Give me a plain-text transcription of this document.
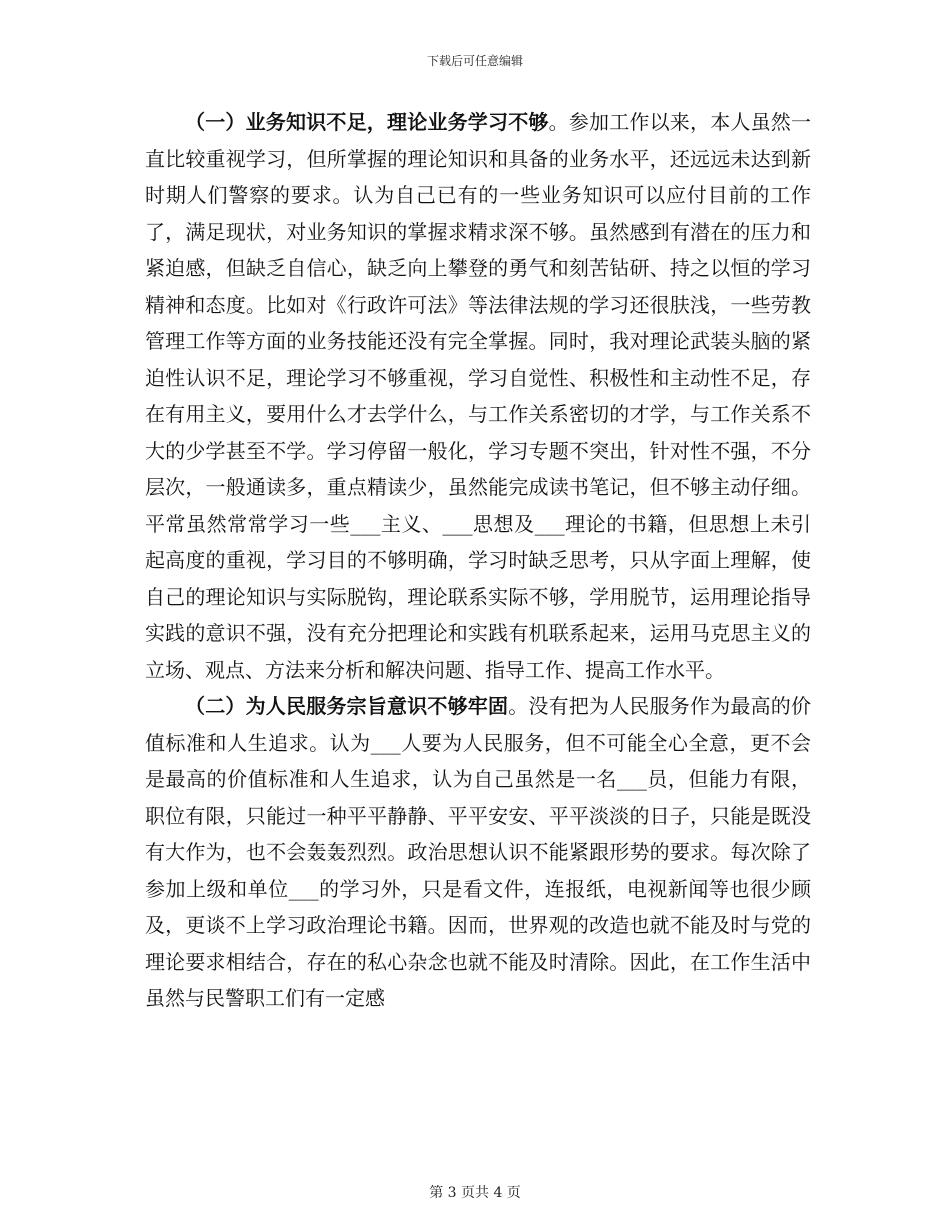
下载后可任意编辑

（一）业务知识不足，理论业务学习不够。参加工作以来，本人虽然一直比较重视学习，但所掌握的理论知识和具备的业务水平，还远远未达到新时期人们警察的要求。认为自己已有的一些业务知识可以应付目前的工作了，满足现状，对业务知识的掌握求精求深不够。虽然感到有潜在的压力和紧迫感，但缺乏自信心，缺乏向上攀登的勇气和刻苦钻研、持之以恒的学习精神和态度。比如对《行政许可法》等法律法规的学习还很肤浅，一些劳教管理工作等方面的业务技能还没有完全掌握。同时，我对理论武装头脑的紧迫性认识不足，理论学习不够重视，学习自觉性、积极性和主动性不足，存在有用主义，要用什么才去学什么，与工作关系密切的才学，与工作关系不大的少学甚至不学。学习停留一般化，学习专题不突出，针对性不强，不分层次，一般通读多，重点精读少，虽然能完成读书笔记，但不够主动仔细。平常虽然常常学习一些___主义、___思想及___理论的书籍，但思想上未引起高度的重视，学习目的不够明确，学习时缺乏思考，只从字面上理解，使自己的理论知识与实际脱钩，理论联系实际不够，学用脱节，运用理论指导实践的意识不强，没有充分把理论和实践有机联系起来，运用马克思主义的立场、观点、方法来分析和解决问题、指导工作、提高工作水平。

（二）为人民服务宗旨意识不够牢固。没有把为人民服务作为最高的价值标准和人生追求。认为___人要为人民服务，但不可能全心全意，更不会是最高的价值标准和人生追求，认为自己虽然是一名___员，但能力有限，职位有限，只能过一种平平静静、平平安安、平平淡淡的日子，只能是既没有大作为，也不会轰轰烈烈。政治思想认识不能紧跟形势的要求。每次除了参加上级和单位___的学习外，只是看文件，连报纸，电视新闻等也很少顾及，更谈不上学习政治理论书籍。因而，世界观的改造也就不能及时与党的理论要求相结合，存在的私心杂念也就不能及时清除。因此，在工作生活中虽然与民警职工们有一定感

第 3 页共 4 页
